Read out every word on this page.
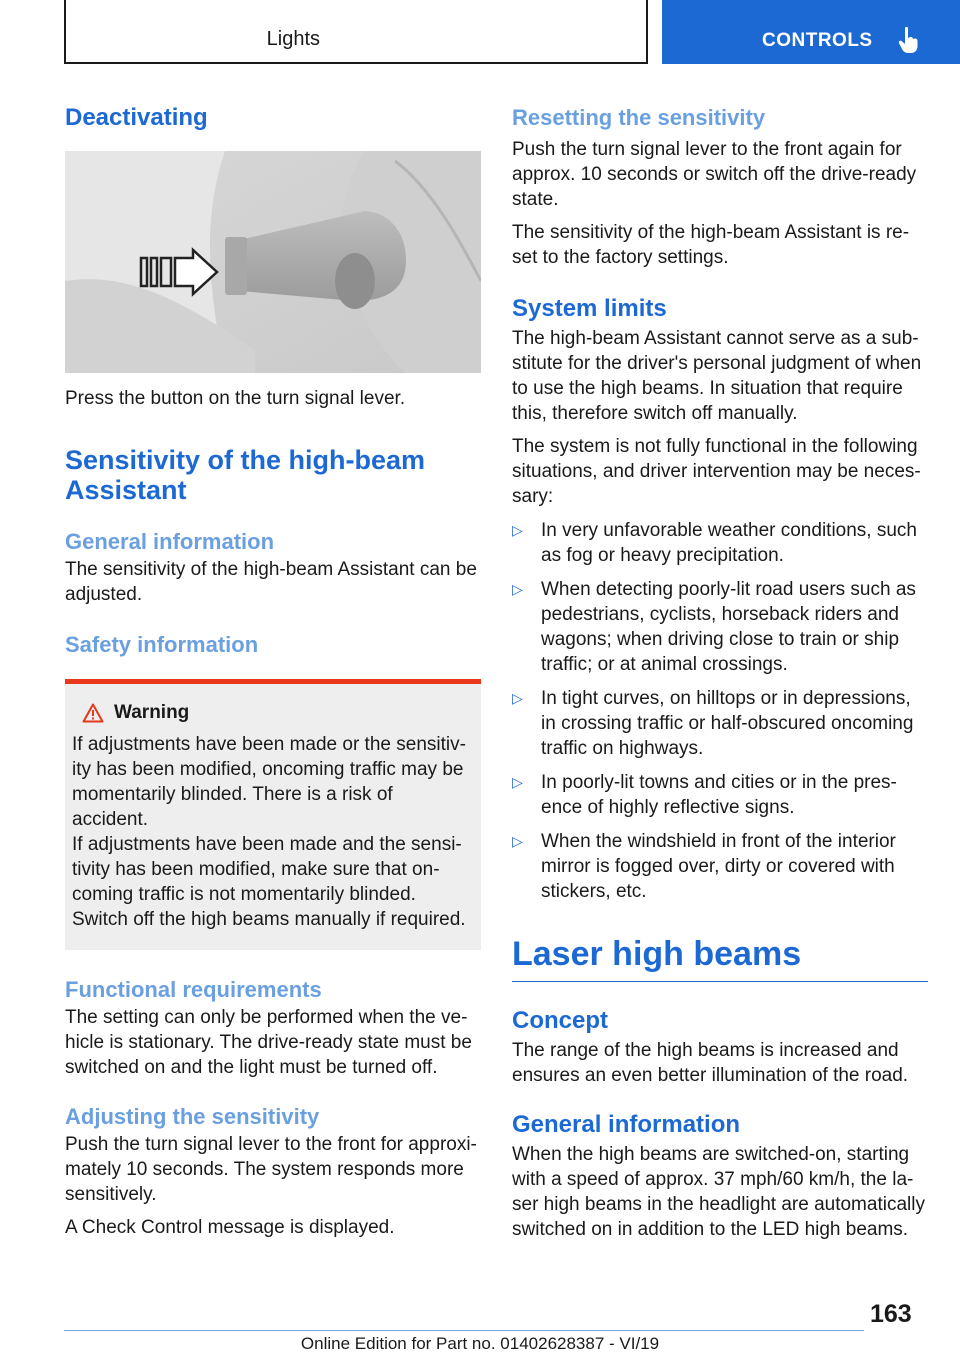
Lights	CONTROLS
Deactivating

Press the button on the turn signal lever.

Sensitivity of the high-beam Assistant
General information

The sensitivity of the high-beam Assistant can be adjusted.

Safety information
Warning

If adjustments have been made or the sensitiv-ity has been modified, oncoming traffic may be momentarily blinded. There is a risk of accident.

If adjustments have been made and the sensi-tivity has been modified, make sure that on-coming traffic is not momentarily blinded. Switch off the high beams manually if required.

Functional requirements

The setting can only be performed when the ve-hicle is stationary. The drive-ready state must be switched on and the light must be turned off.

Adjusting the sensitivity

Push the turn signal lever to the front for approxi-mately 10 seconds. The system responds more sensitively.

A Check Control message is displayed.

Resetting the sensitivity

Push the turn signal lever to the front again for approx. 10 seconds or switch off the drive-ready state.

The sensitivity of the high-beam Assistant is re-set to the factory settings.

System limits

The high-beam Assistant cannot serve as a sub-stitute for the driver's personal judgment of when to use the high beams. In situation that require this, therefore switch off manually.

The system is not fully functional in the following situations, and driver intervention may be neces-sary:

▷ In very unfavorable weather conditions, such as fog or heavy precipitation.
▷ When detecting poorly-lit road users such as pedestrians, cyclists, horseback riders and wagons; when driving close to train or ship traffic; or at animal crossings.
▷ In tight curves, on hilltops or in depressions, in crossing traffic or half-obscured oncoming traffic on highways.
▷ In poorly-lit towns and cities or in the pres-ence of highly reflective signs.
▷ When the windshield in front of the interior mirror is fogged over, dirty or covered with stickers, etc.
Laser high beams
Concept

The range of the high beams is increased and ensures an even better illumination of the road.

General information

When the high beams are switched-on, starting with a speed of approx. 37 mph/60 km/h, the la-ser high beams in the headlight are automatically switched on in addition to the LED high beams.

163
Online Edition for Part no. 01402628387 - VI/19
